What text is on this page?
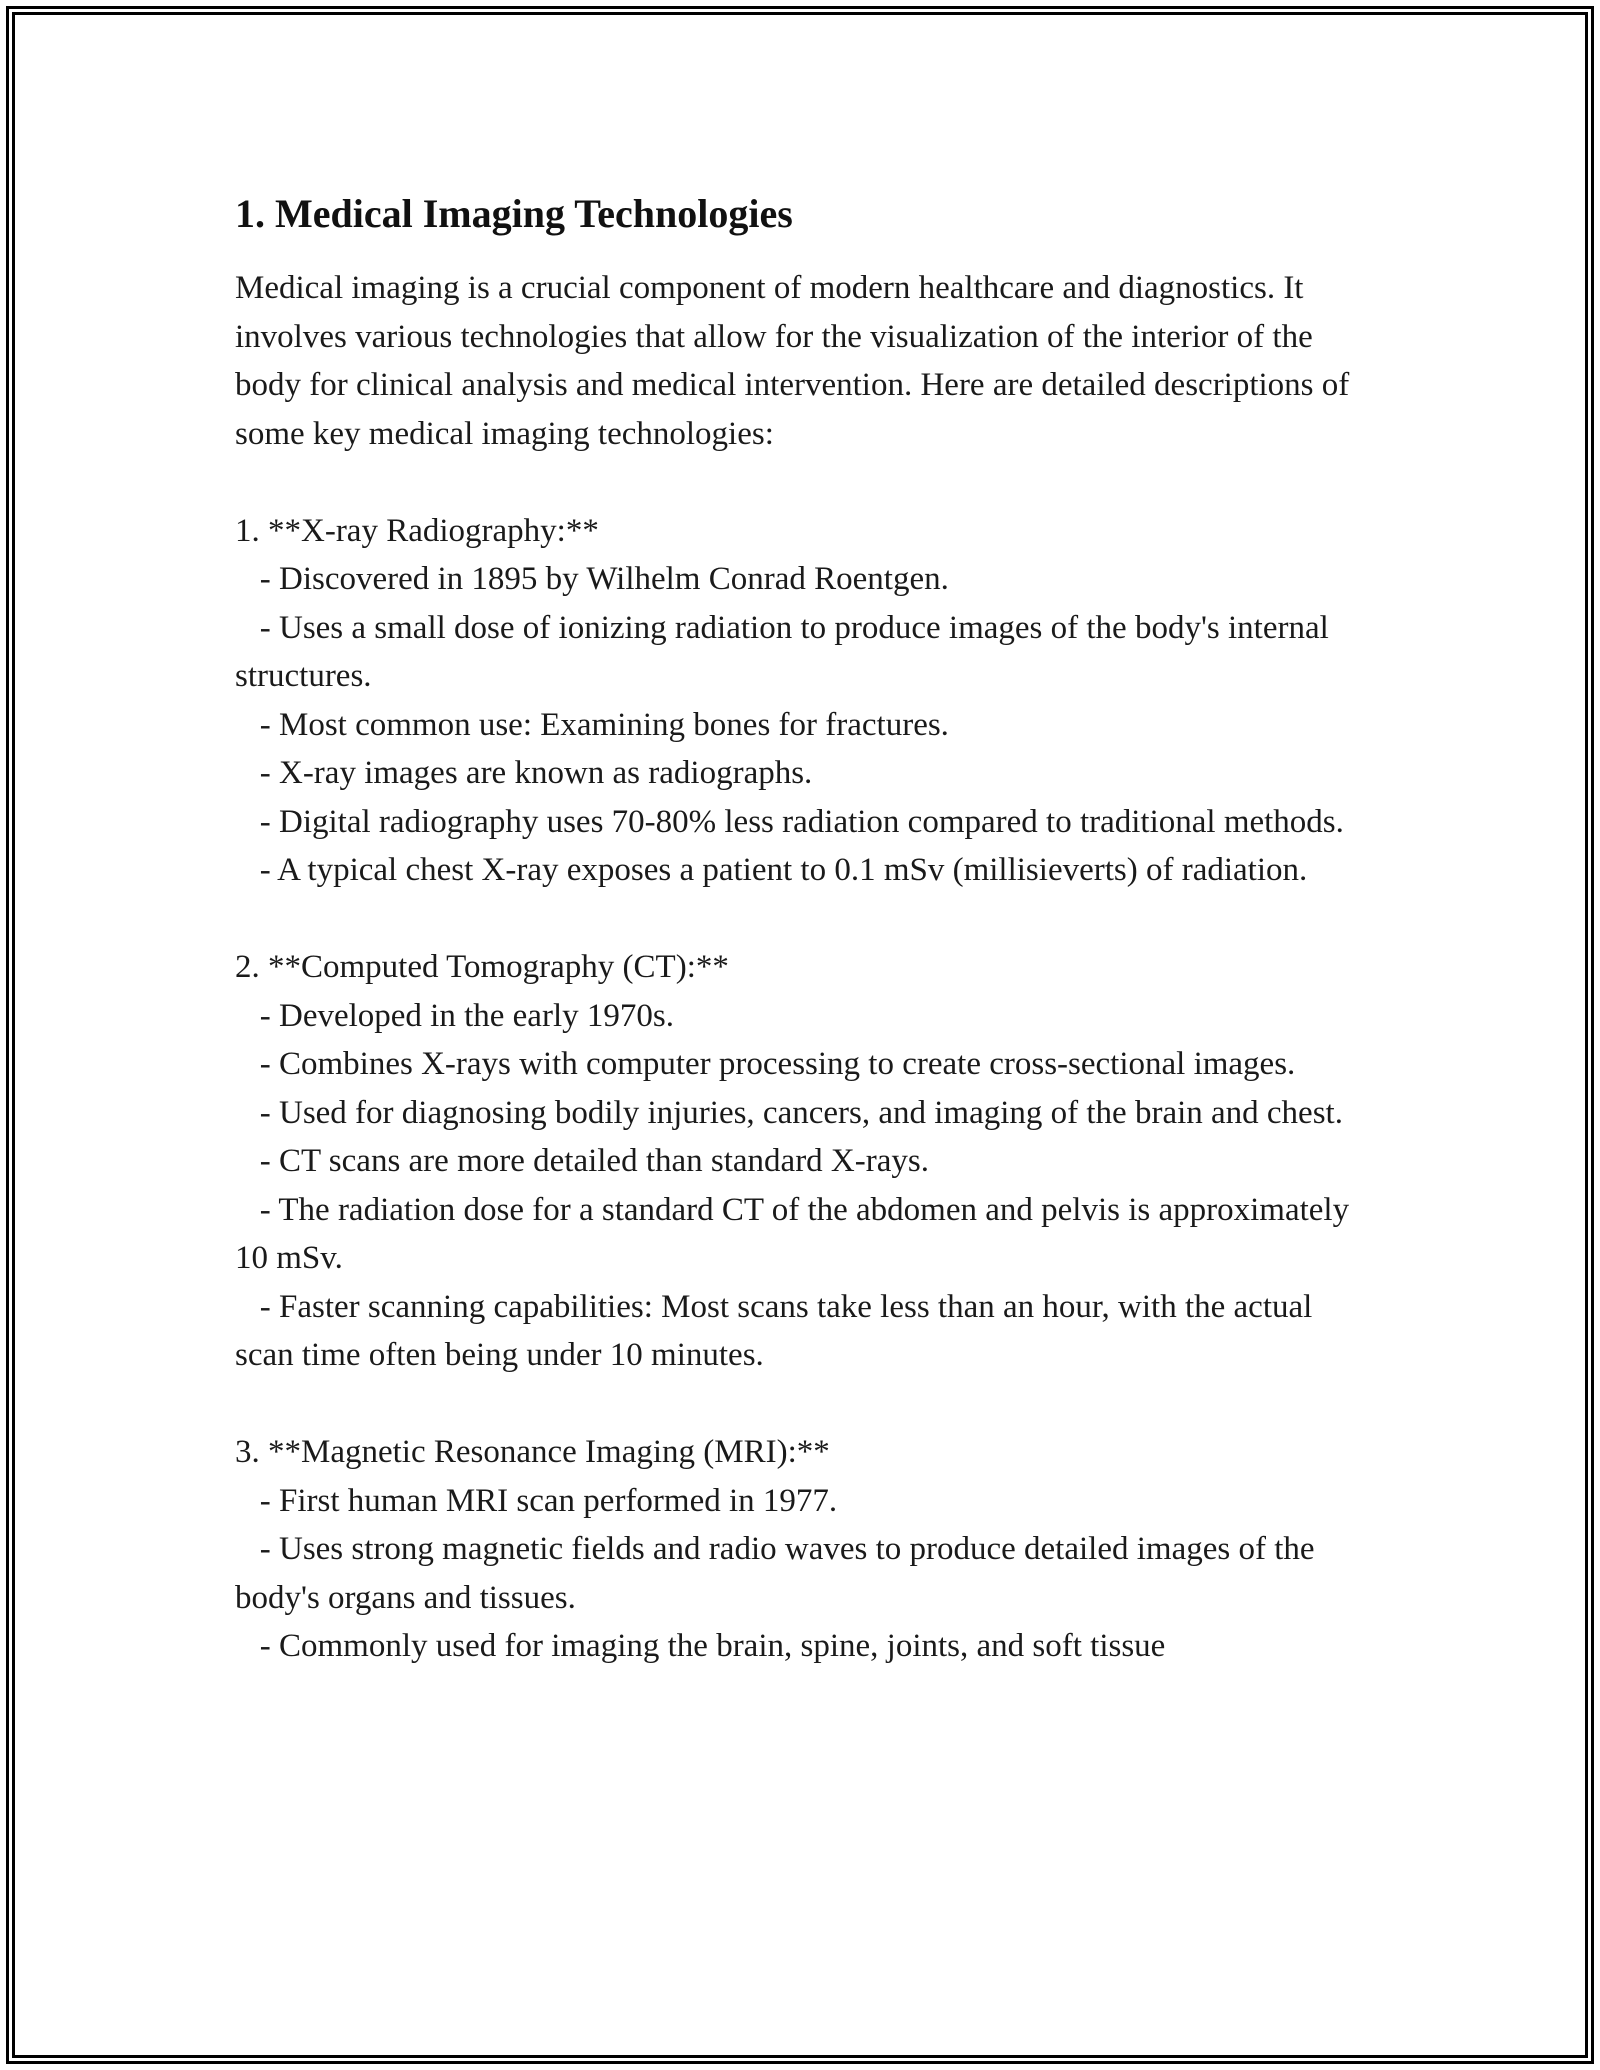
1. Medical Imaging Technologies

Medical imaging is a crucial component of modern healthcare and diagnostics. It involves various technologies that allow for the visualization of the interior of the body for clinical analysis and medical intervention. Here are detailed descriptions of some key medical imaging technologies:

1. **X-ray Radiography:**
- Discovered in 1895 by Wilhelm Conrad Roentgen.
- Uses a small dose of ionizing radiation to produce images of the body's internal structures.
- Most common use: Examining bones for fractures.
- X-ray images are known as radiographs.
- Digital radiography uses 70-80% less radiation compared to traditional methods.
- A typical chest X-ray exposes a patient to 0.1 mSv (millisieverts) of radiation.

2. **Computed Tomography (CT):**
- Developed in the early 1970s.
- Combines X-rays with computer processing to create cross-sectional images.
- Used for diagnosing bodily injuries, cancers, and imaging of the brain and chest.
- CT scans are more detailed than standard X-rays.
- The radiation dose for a standard CT of the abdomen and pelvis is approximately 10 mSv.
- Faster scanning capabilities: Most scans take less than an hour, with the actual scan time often being under 10 minutes.

3. **Magnetic Resonance Imaging (MRI):**
- First human MRI scan performed in 1977.
- Uses strong magnetic fields and radio waves to produce detailed images of the body's organs and tissues.
- Commonly used for imaging the brain, spine, joints, and soft tissue
